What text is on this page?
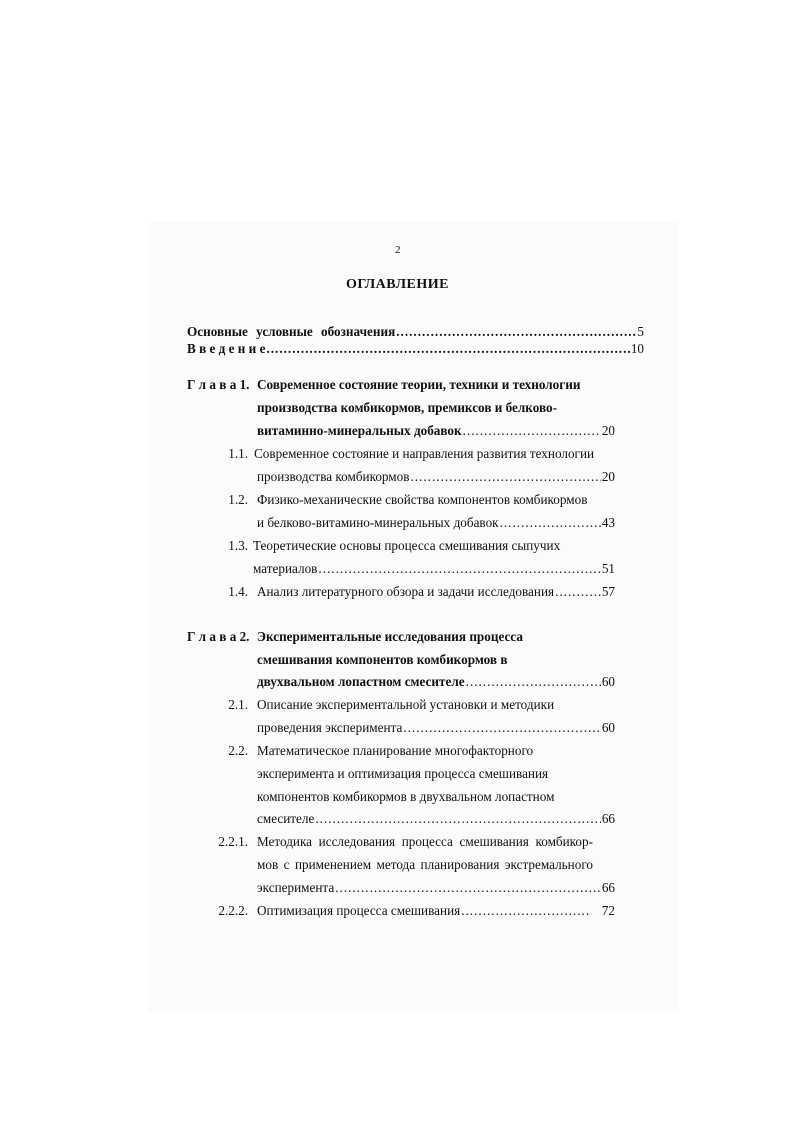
2
ОГЛАВЛЕНИЕ
Основные условные обозначения .....	5
В в е д е н и е .....	10
Г л а в а 1. Современное состояние теории, техники и технологии
производства комбикормов, премиксов и белково-
витаминно-минеральных добавок .....	20
1.1. Современное состояние и направления развития технологии
производства комбикормов .....	20
1.2. Физико-механические свойства компонентов комбикормов
и белково-витамино-минеральных добавок .....	43
1.3. Теоретические основы процесса смешивания сыпучих
материалов .....	51
1.4. Анализ литературного обзора и задачи исследования .....	57
Г л а в а 2. Экспериментальные исследования процесса
смешивания компонентов комбикормов в
двухвальном лопастном смесителе .....	60
2.1. Описание экспериментальной установки и методики
проведения эксперимента .....	60
2.2. Математическое планирование многофакторного
эксперимента и оптимизация процесса смешивания
компонентов комбикормов в двухвальном лопастном
смесителе .....	66
2.2.1. Методика исследования процесса смешивания комбикор-
мов с применением метода планирования экстремального
эксперимента .....	66
2.2.2. Оптимизация процесса смешивания .....	72
